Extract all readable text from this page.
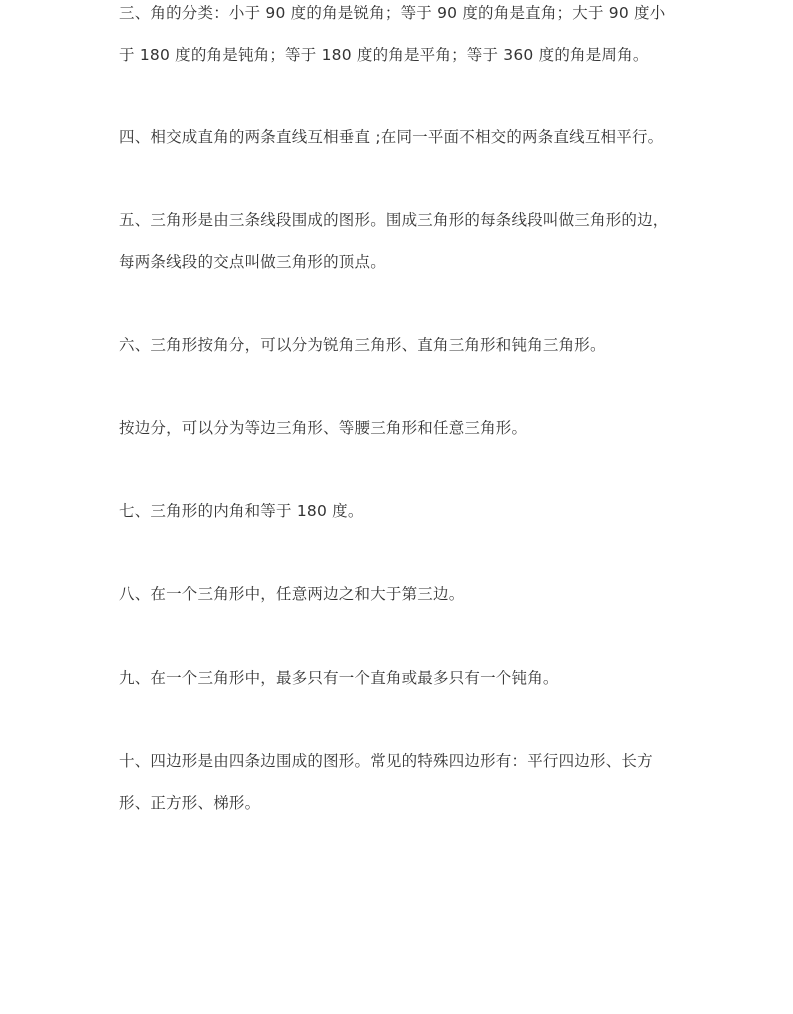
三、角的分类：小于 90 度的角是锐角；等于 90 度的角是直角；大于 90 度小
于 180 度的角是钝角；等于 180 度的角是平角；等于 360 度的角是周角。

四、相交成直角的两条直线互相垂直 ;在同一平面不相交的两条直线互相平行。

五、三角形是由三条线段围成的图形。围成三角形的每条线段叫做三角形的边，
每两条线段的交点叫做三角形的顶点。

六、三角形按角分，可以分为锐角三角形、直角三角形和钝角三角形。

按边分，可以分为等边三角形、等腰三角形和任意三角形。

七、三角形的内角和等于 180 度。

八、在一个三角形中，任意两边之和大于第三边。

九、在一个三角形中，最多只有一个直角或最多只有一个钝角。

十、四边形是由四条边围成的图形。常见的特殊四边形有：平行四边形、长方
形、正方形、梯形。
